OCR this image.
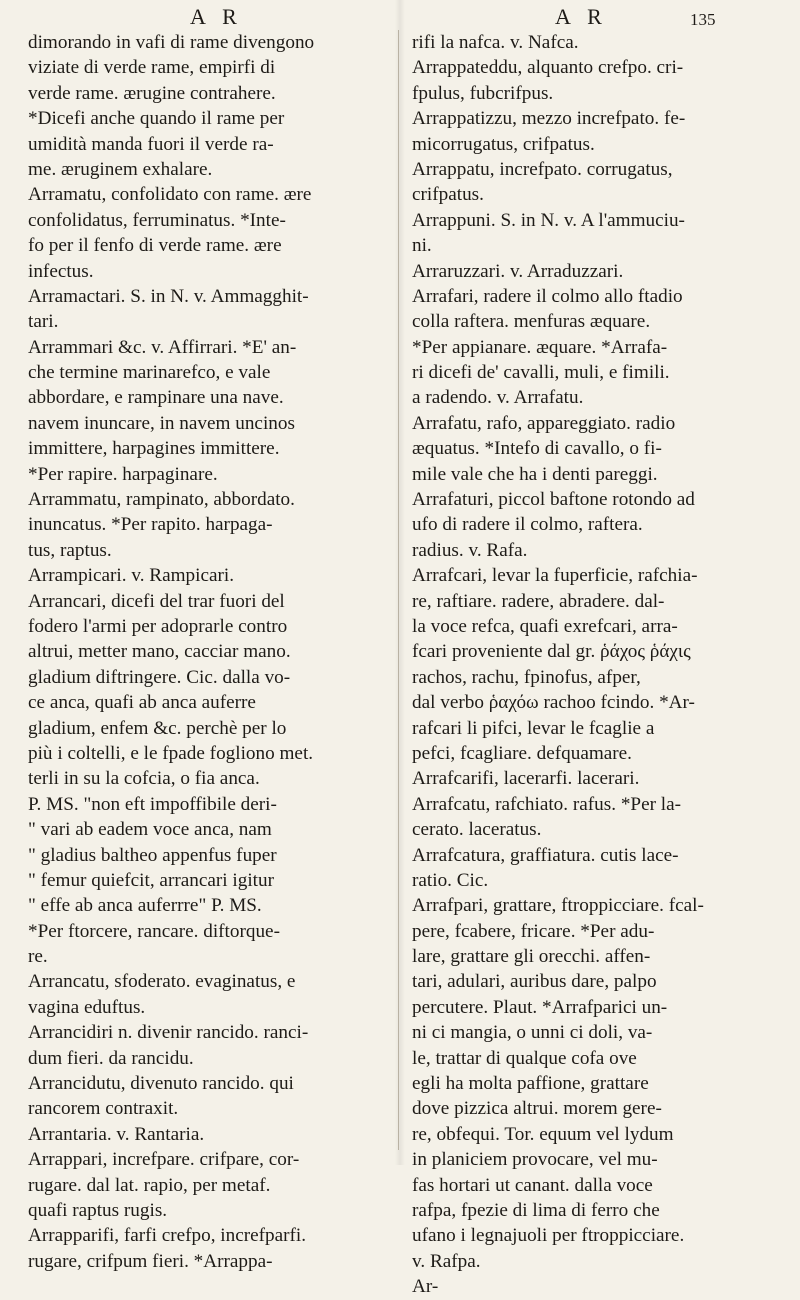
A R	A R	135
dimorando in vafi di rame divengono
viziate di verde rame, empirfi di
verde rame. ærugine contrahere.
*Dicefi anche quando il rame per
umidità manda fuori il verde ra-
me. æruginem exhalare.
Arramatu, confolidato con rame. ære
confolidatus, ferruminatus. *Inte-
fo per il fenfo di verde rame. ære
infectus.
Arramactari. S. in N. v. Ammagghit-
tari.
Arrammari &c. v. Affirrari. *E' an-
che termine marinarefco, e vale
abbordare, e rampinare una nave.
navem inuncare, in navem uncinos
immittere, harpagines immittere.
*Per rapire. harpaginare.
Arrammatu, rampinato, abbordato.
inuncatus. *Per rapito. harpaga-
tus, raptus.
Arrampicari. v. Rampicari.
Arrancari, dicefi del trar fuori del
fodero l'armi per adoprarle contro
altrui, metter mano, cacciar mano.
gladium diftringere. Cic. dalla vo-
ce anca, quafi ab anca auferre
gladium, enfem &c. perchè per lo
più i coltelli, e le fpade fogliono met.
terli in su la cofcia, o fia anca.
P. MS. "non eft impoffibile deri-
" vari ab eadem voce anca, nam
" gladius baltheo appenfus fuper
" femur quiefcit, arrancari igitur
" effe ab anca auferrre" P. MS.
*Per ftorcere, rancare. diftorque-
re.
Arrancatu, sfoderato. evaginatus, e
vagina eduftus.
Arrancidiri n. divenir rancido. ranci-
dum fieri. da rancidu.
Arrancidutu, divenuto rancido. qui
rancorem contraxit.
Arrantaria. v. Rantaria.
Arrappari, increfpare. crifpare, cor-
rugare. dal lat. rapio, per metaf.
quafi raptus rugis.
Arrapparifi, farfi crefpo, increfparfi.
rugare, crifpum fieri. *Arrappa-
rifi la nafca. v. Nafca.
Arrappateddu, alquanto crefpo. cri-
fpulus, fubcrifpus.
Arrappatizzu, mezzo increfpato. fe-
micorrugatus, crifpatus.
Arrappatu, increfpato. corrugatus,
crifpatus.
Arrappuni. S. in N. v. A l'ammuciu-
ni.
Arraruzzari. v. Arraduzzari.
Arrafari, radere il colmo allo ftadio
colla raftera. menfuras æquare.
*Per appianare. æquare. *Arrafa-
ri dicefi de' cavalli, muli, e fimili.
a radendo. v. Arrafatu.
Arrafatu, rafo, appareggiato. radio
æquatus. *Intefo di cavallo, o fi-
mile vale che ha i denti pareggi.
Arrafaturi, piccol baftone rotondo ad
ufo di radere il colmo, raftera.
radius. v. Rafa.
Arrafcari, levar la fuperficie, rafchia-
re, raftiare. radere, abradere. dal-
la voce refca, quafi exrefcari, arra-
fcari proveniente dal gr. ῥάχος ῥάχις
rachos, rachu, fpinofus, afper,
dal verbo ῥαχόω rachoo fcindo. *Ar-
rafcari li pifci, levar le fcaglie a
pefci, fcagliare. defquamare.
Arrafcarifi, lacerarfi. lacerari.
Arrafcatu, rafchiato. rafus. *Per la-
cerato. laceratus.
Arrafcatura, graffiatura. cutis lace-
ratio. Cic.
Arrafpari, grattare, ftroppicciare. fcal-
pere, fcabere, fricare. *Per adu-
lare, grattare gli orecchi. affen-
tari, adulari, auribus dare, palpo
percutere. Plaut. *Arrafparici un-
ni ci mangia, o unni ci doli, va-
le, trattar di qualque cofa ove
egli ha molta paffione, grattare
dove pizzica altrui. morem gere-
re, obfequi. Tor. equum vel lydum
in planiciem provocare, vel mu-
fas hortari ut canant. dalla voce
rafpa, fpezie di lima di ferro che
ufano i legnajuoli per ftroppicciare.
v. Rafpa.
Ar-
